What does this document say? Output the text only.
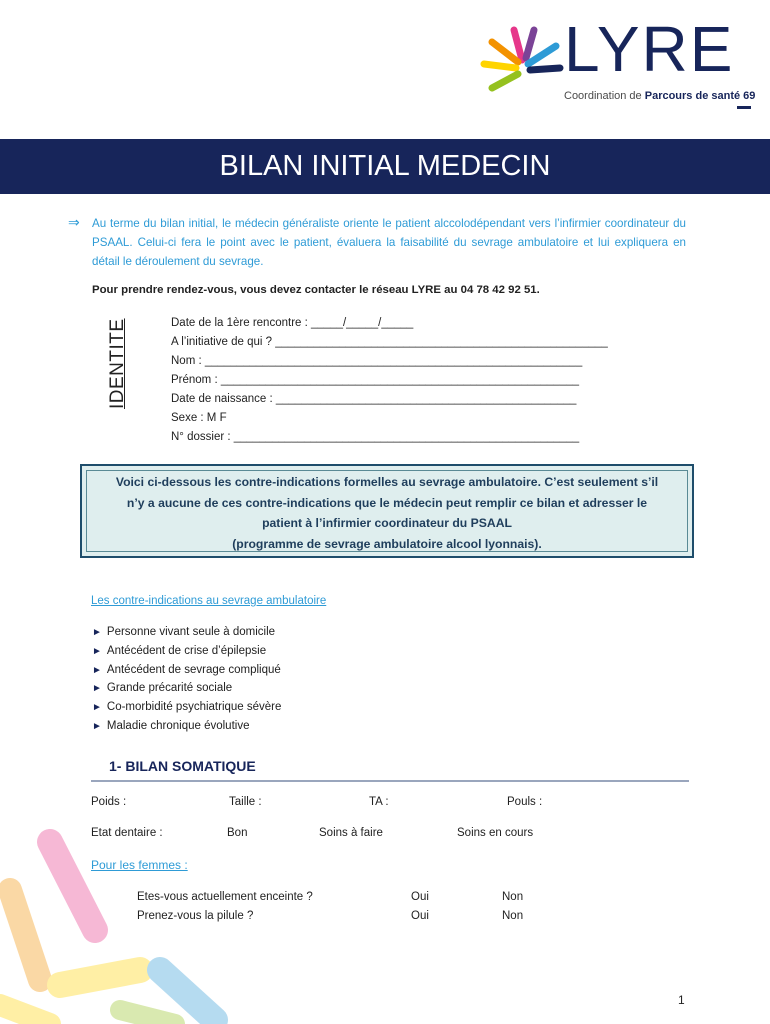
LYRE
Coordination de Parcours de santé 69
BILAN INITIAL MEDECIN
⇒ Au terme du bilan initial, le médecin généraliste oriente le patient alccolodépendant vers l’infirmier coordinateur du PSAAL. Celui-ci fera le point avec le patient, évaluera la faisabilité du sevrage ambulatoire et lui expliquera en détail le déroulement du sevrage.
Pour prendre rendez-vous, vous devez contacter le réseau LYRE au 04 78 42 92 51.
IDENTITE	Date de la 1ère rencontre : _____/_____/_____
A l’initiative de qui ? ____________________________________________________
Nom : ___________________________________________________________
Prénom : ________________________________________________________
Date de naissance : _______________________________________________
Sexe : M F
N° dossier : ______________________________________________________
Voici ci-dessous les contre-indications formelles au sevrage ambulatoire. C’est seulement s’il
n’y a aucune de ces contre-indications que le médecin peut remplir ce bilan et adresser le
patient à l’infirmier coordinateur du PSAAL
(programme de sevrage ambulatoire alcool lyonnais).
Les contre-indications au sevrage ambulatoire
► Personne vivant seule à domicile
► Antécédent de crise d’épilepsie
► Antécédent de sevrage compliqué
► Grande précarité sociale
► Co-morbidité psychiatrique sévère
► Maladie chronique évolutive
1- BILAN SOMATIQUE
Poids :	Taille :	TA :	Pouls :
Etat dentaire :	Bon	Soins à faire	Soins en cours
Pour les femmes :
Etes-vous actuellement enceinte ?	Oui	Non
Prenez-vous la pilule ?	Oui	Non
1
